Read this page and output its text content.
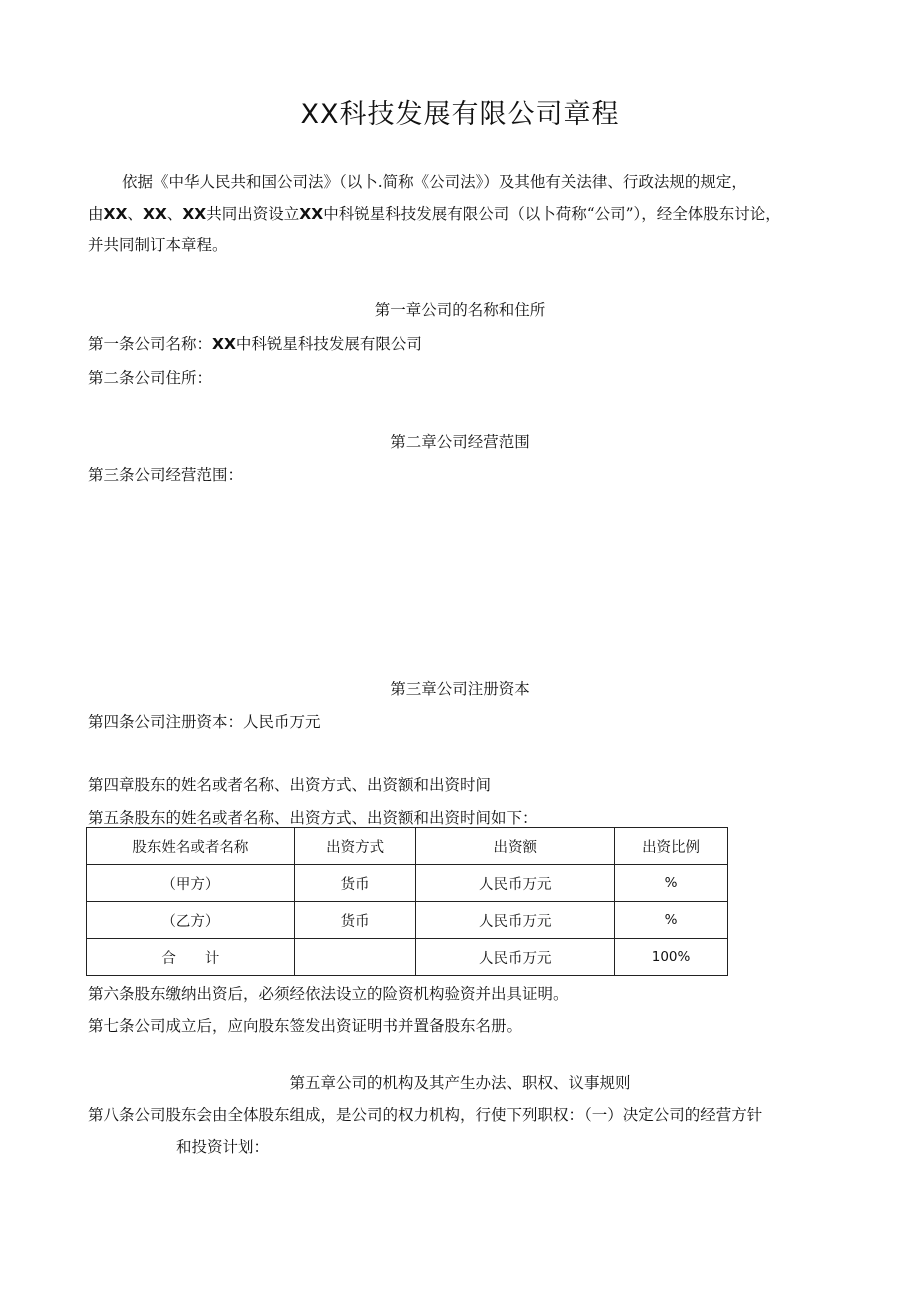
XX科技发展有限公司章程
依据《中华人民共和国公司法》（以卜.简称《公司法》）及其他有关法律、行政法规的规定，
由XX、XX、XX共同出资设立XX中科锐星科技发展有限公司（以卜荷称“公司”），经全体股东讨论，
并共同制订本章程。
第一章公司的名称和住所
第一条公司名称：XX中科锐星科技发展有限公司
第二条公司住所：
第二章公司经营范围
第三条公司经营范围：
第三章公司注册资本
第四条公司注册资本：人民币万元
第四章股东的姓名或者名称、出资方式、出资额和出资时间
第五条股东的姓名或者名称、出资方式、出资额和出资时间如下：
股东姓名或者名称	出资方式	出资额	出资比例
（甲方）	货币	人民币万元	%
（乙方）	货币	人民币万元	%
合　　计		人民币万元	100%
第六条股东缴纳出资后，必须经依法设立的险资机构验资并出具证明。
第七条公司成立后，应向股东签发出资证明书并置备股东名册。
第五章公司的机构及其产生办法、职权、议事规则
第八条公司股东会由全体股东组成，是公司的权力机构，行使下列职权：（一）决定公司的经营方针
和投资计划：
